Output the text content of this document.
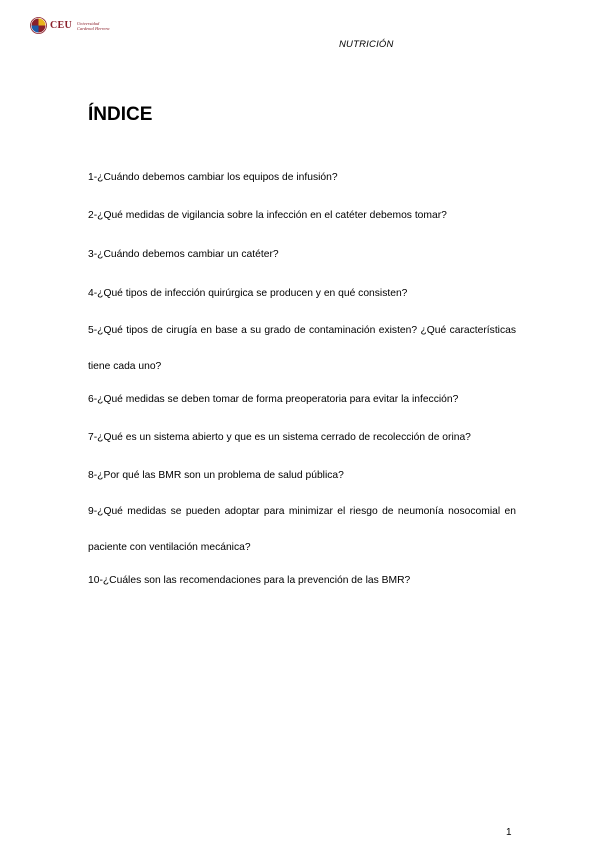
CEU Universidad
Cardenal Herrera
NUTRICIÓN
ÍNDICE
1-¿Cuándo debemos cambiar los equipos de infusión?
2-¿Qué medidas de vigilancia sobre la infección en el catéter debemos tomar?
3-¿Cuándo debemos cambiar un catéter?
4-¿Qué tipos de infección quirúrgica se producen y en qué consisten?
5-¿Qué tipos de cirugía en base a su grado de contaminación existen? ¿Qué características tiene cada uno?
6-¿Qué medidas se deben tomar de forma preoperatoria para evitar la infección?
7-¿Qué es un sistema abierto y que es un sistema cerrado de recolección de orina?
8-¿Por qué las BMR son un problema de salud pública?
9-¿Qué medidas se pueden adoptar para minimizar el riesgo de neumonía nosocomial en paciente con ventilación mecánica?
10-¿Cuáles son las recomendaciones para la prevención de las BMR?
1
